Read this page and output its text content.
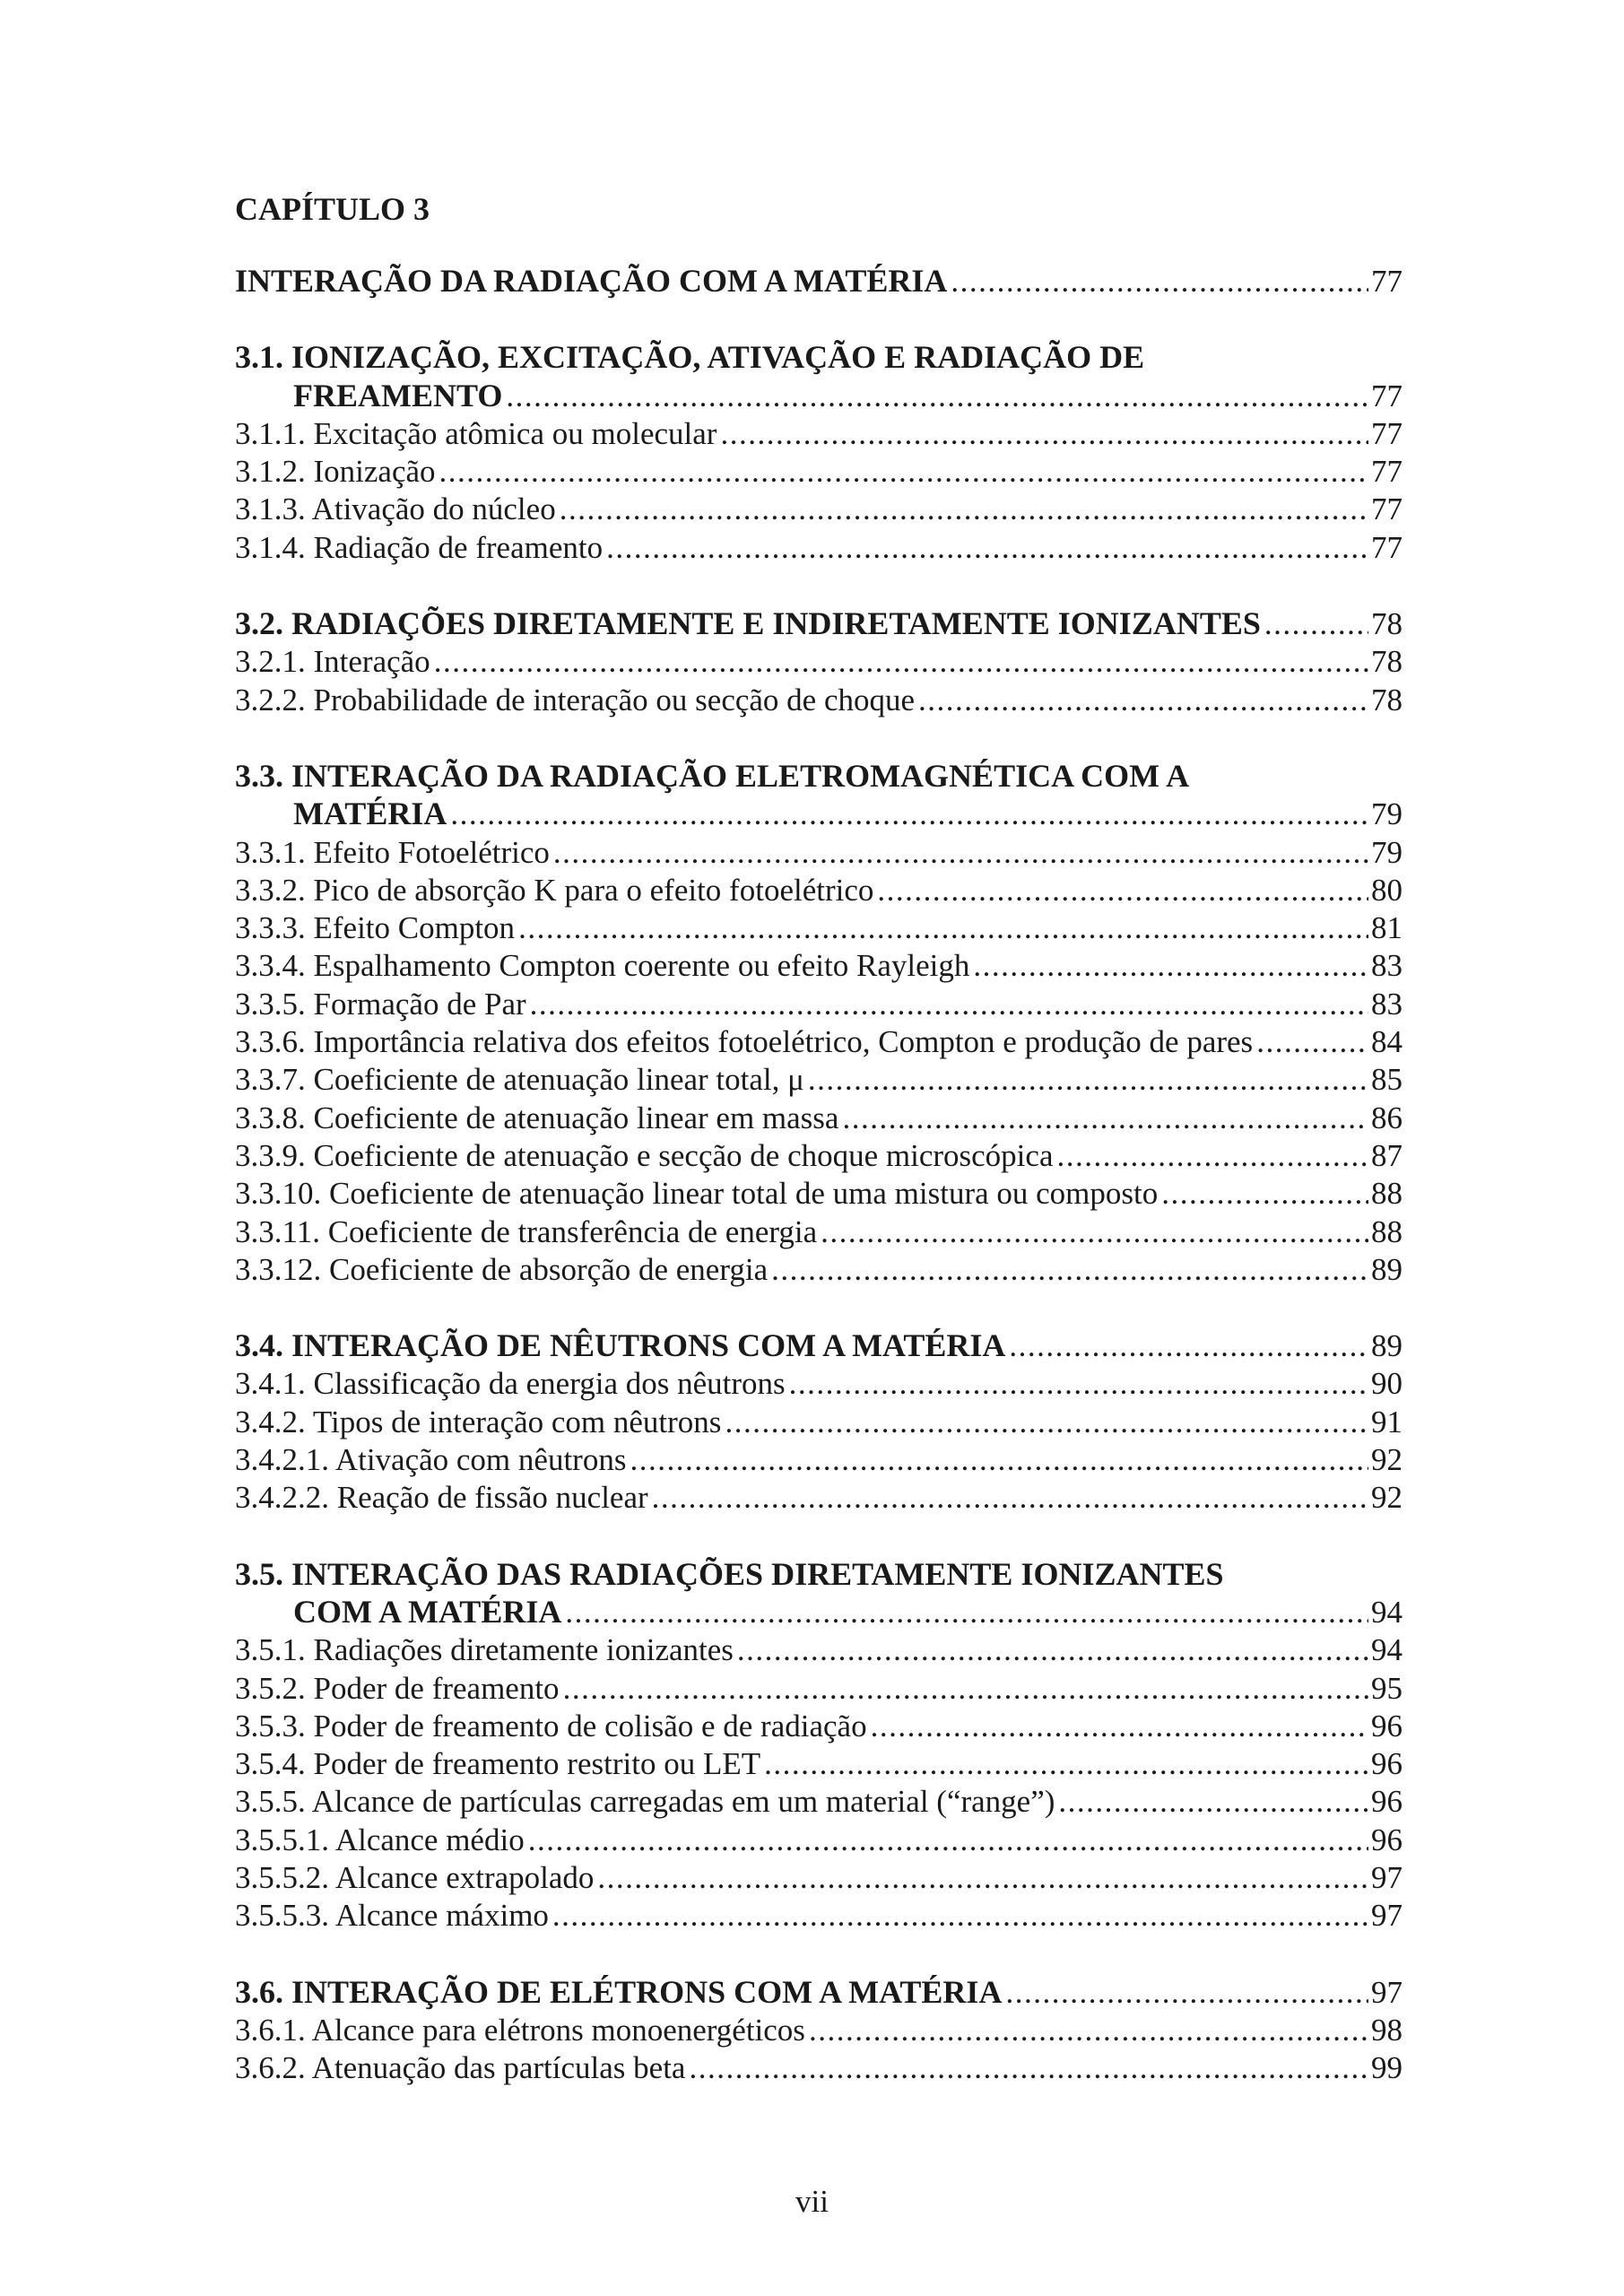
CAPÍTULO 3
INTERAÇÃO DA RADIAÇÃO COM A MATÉRIA .....	77
3.1. IONIZAÇÃO, EXCITAÇÃO, ATIVAÇÃO E RADIAÇÃO DE
FREAMENTO .....	77
3.1.1. Excitação atômica ou molecular .....	77
3.1.2. Ionização .....	77
3.1.3. Ativação do núcleo .....	77
3.1.4. Radiação de freamento .....	77
3.2. RADIAÇÕES DIRETAMENTE E INDIRETAMENTE IONIZANTES .....	78
3.2.1. Interação .....	78
3.2.2. Probabilidade de interação ou secção de choque .....	78
3.3. INTERAÇÃO DA RADIAÇÃO ELETROMAGNÉTICA COM A
MATÉRIA .....	79
3.3.1. Efeito Fotoelétrico .....	79
3.3.2. Pico de absorção K para o efeito fotoelétrico .....	80
3.3.3. Efeito Compton .....	81
3.3.4. Espalhamento Compton coerente ou efeito Rayleigh .....	83
3.3.5. Formação de Par .....	83
3.3.6. Importância relativa dos efeitos fotoelétrico, Compton e produção de pares .....	84
3.3.7. Coeficiente de atenuação linear total, μ .....	85
3.3.8. Coeficiente de atenuação linear em massa .....	86
3.3.9. Coeficiente de atenuação e secção de choque microscópica .....	87
3.3.10. Coeficiente de atenuação linear total de uma mistura ou composto .....	88
3.3.11. Coeficiente de transferência de energia .....	88
3.3.12. Coeficiente de absorção de energia .....	89
3.4. INTERAÇÃO DE NÊUTRONS COM A MATÉRIA .....	89
3.4.1. Classificação da energia dos nêutrons .....	90
3.4.2. Tipos de interação com nêutrons .....	91
3.4.2.1. Ativação com nêutrons .....	92
3.4.2.2. Reação de fissão nuclear .....	92
3.5. INTERAÇÃO DAS RADIAÇÕES DIRETAMENTE IONIZANTES
COM A MATÉRIA .....	94
3.5.1. Radiações diretamente ionizantes .....	94
3.5.2. Poder de freamento .....	95
3.5.3. Poder de freamento de colisão e de radiação .....	96
3.5.4. Poder de freamento restrito ou LET .....	96
3.5.5. Alcance de partículas carregadas em um material (“range”) .....	96
3.5.5.1. Alcance médio .....	96
3.5.5.2. Alcance extrapolado .....	97
3.5.5.3. Alcance máximo .....	97
3.6. INTERAÇÃO DE ELÉTRONS COM A MATÉRIA .....	97
3.6.1. Alcance para elétrons monoenergéticos .....	98
3.6.2. Atenuação das partículas beta .....	99
vii
